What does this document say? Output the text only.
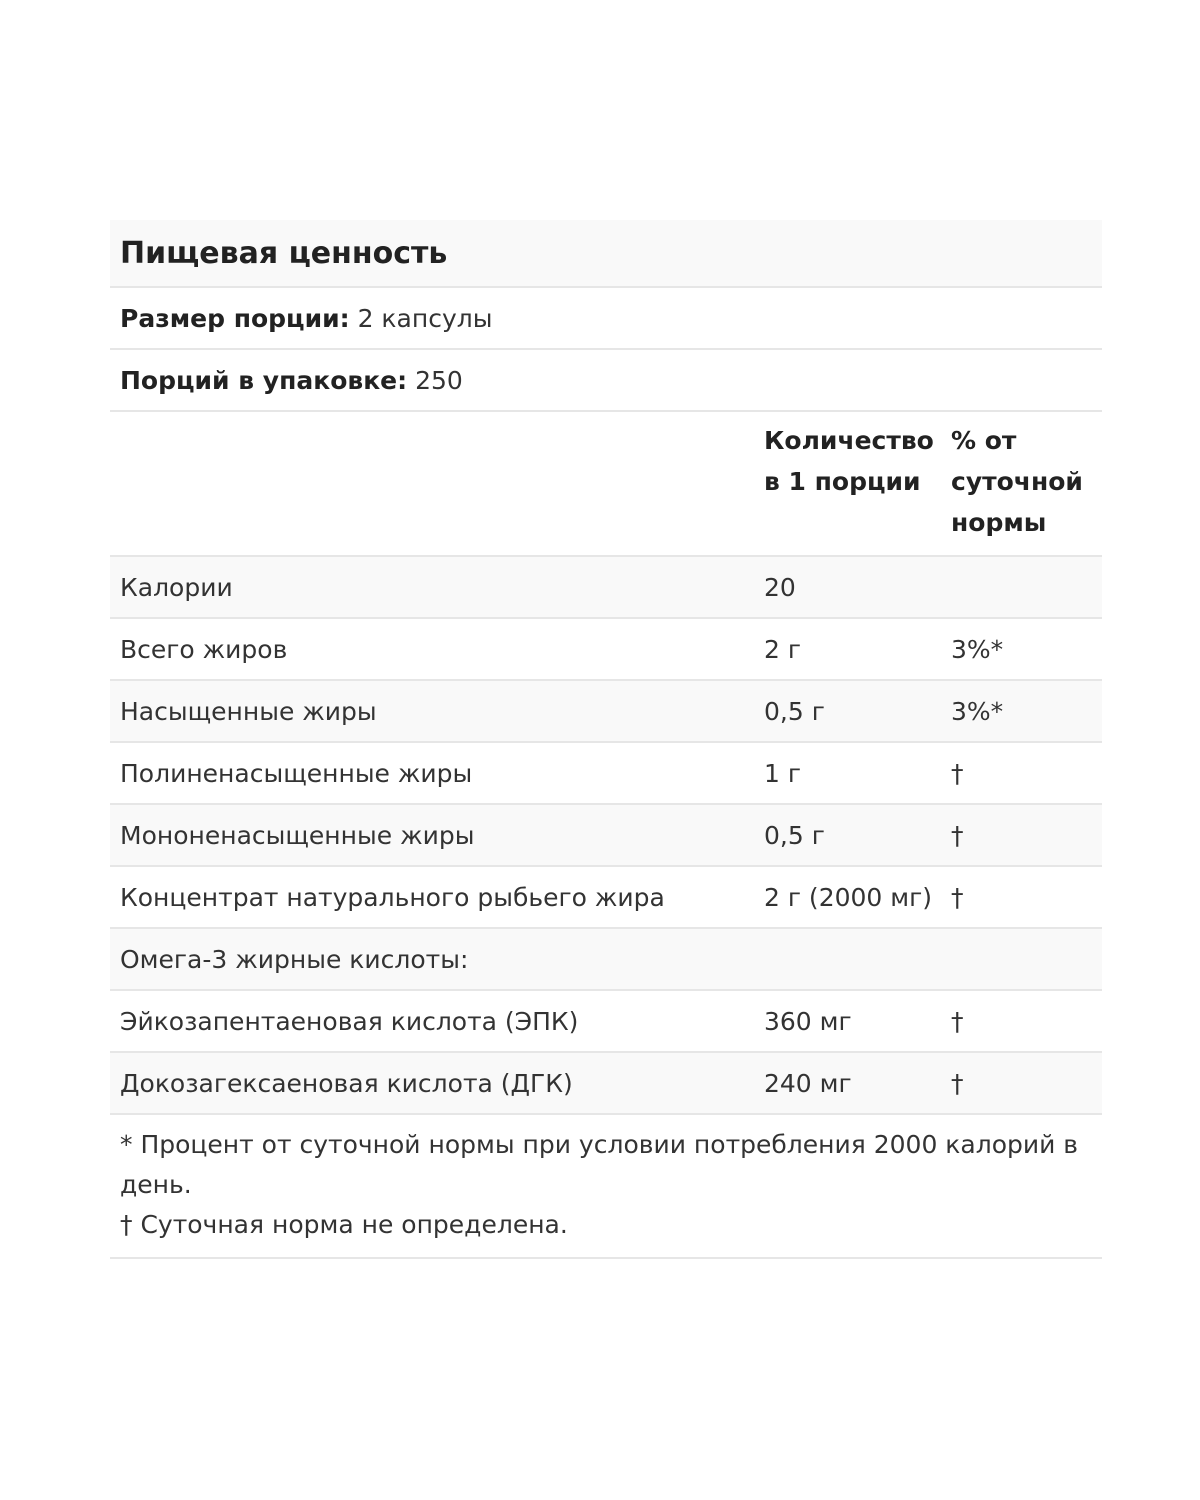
Пищевая ценность
Размер порции: 2 капсулы
Порций в упаковке: 250
Количество в 1 порции
% от суточной нормы
Калории	20
Всего жиров	2 г	3%*
Насыщенные жиры	0,5 г	3%*
Полиненасыщенные жиры	1 г	†
Мононенасыщенные жиры	0,5 г	†
Концентрат натурального рыбьего жира	2 г (2000 мг) †
Омега-3 жирные кислоты:
Эйкозапентаеновая кислота (ЭПК)	360 мг	†
Докозагексаеновая кислота (ДГК)	240 мг	†
* Процент от суточной нормы при условии потребления 2000 калорий в день.
† Суточная норма не определена.
